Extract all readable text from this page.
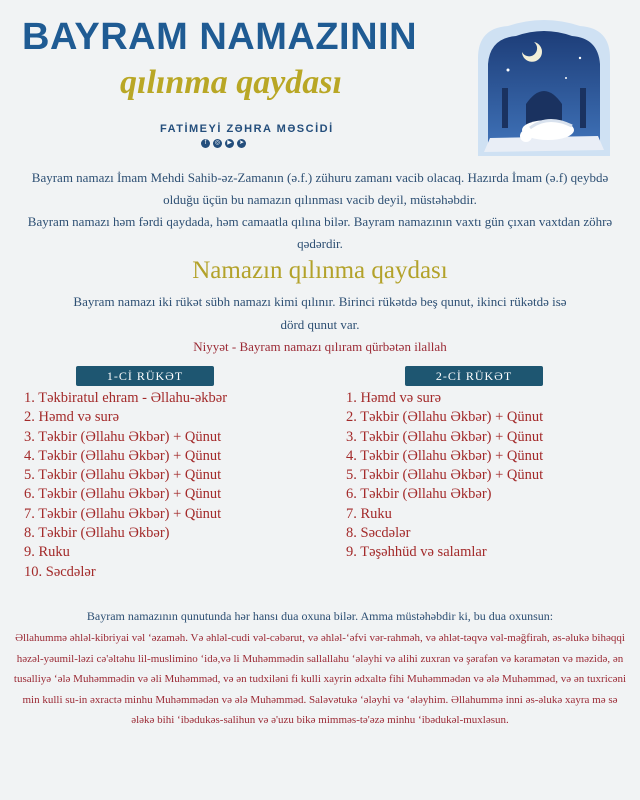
BAYRAM NAMAZININ
qılınma qaydası
FATİMEYİ ZƏHRA MƏSCİDİ
f	◎	▶	➤
Bayram namazı İmam Mehdi Sahib-əz-Zamanın (ə.f.) zühuru zamanı vacib olacaq. Hazırda İmam (ə.f) qeybdə olduğu üçün bu namazın qılınması vacib deyil, müstəhəbdir.
Bayram namazı həm fərdi qaydada, həm camaatla qılına bilər. Bayram namazının vaxtı gün çıxan vaxtdan zöhrə qədərdir.
Namazın qılınma qaydası
Bayram namazı iki rükət sübh namazı kimi qılınır. Birinci rükətdə beş qunut, ikinci rükətdə isə dörd qunut var.
Niyyət - Bayram namazı qılıram qürbətən ilallah
1-Cİ RÜKƏT	2-Cİ RÜKƏT
1. Təkbiratul ehram - Əllahu-əkbər
2. Həmd və surə
3. Təkbir (Əllahu Əkbər) + Qünut
4. Təkbir (Əllahu Əkbər) + Qünut
5. Təkbir (Əllahu Əkbər) + Qünut
6. Təkbir (Əllahu Əkbər) + Qünut
7. Təkbir (Əllahu Əkbər) + Qünut
8. Təkbir (Əllahu Əkbər)
9. Ruku
10. Səcdələr
1. Həmd və surə
2. Təkbir (Əllahu Əkbər) + Qünut
3. Təkbir (Əllahu Əkbər) + Qünut
4. Təkbir (Əllahu Əkbər) + Qünut
5. Təkbir (Əllahu Əkbər) + Qünut
6. Təkbir (Əllahu Əkbər)
7. Ruku
8. Səcdələr
9. Təşəhhüd və salamlar
Bayram namazının qunutunda hər hansı dua oxuna bilər. Amma müstəhəbdir ki, bu dua oxunsun:
Əllahummə əhləl-kibriyai vəl ʻəzaməh. Və əhləl-cudi vəl-cəbərut, və əhləl-ʻəfvi vər-rahməh, və əhlət-təqvə vəl-məğfirah, əs-əlukə bihəqqi həzəl-yəumil-ləzi cə'əltəhu lil-muslimino ʻidə,və li Muhəmmədin sallallahu ʻələyhi və alihi zuxran və şərafən və kəramətən və məzidə, ən tusalliyə ʻələ Muhəmmədin və əli Muhəmməd, və ən tudxiləni fi kulli xayrin ədxaltə fihi Muhəmmədən və ələ Muhəmməd, və ən tuxricəni min kulli su-in əxractə minhu Muhəmmədən və ələ Muhəmməd. Saləvətukə ʻələyhi və ʻələyhim. Əllahummə inni əs-əlukə xayra mə sə ələkə bihi ʻibədukəs-salihun və ə'uzu bikə mimməs-tə'əzə minhu ʻibədukəl-muxləsun.
